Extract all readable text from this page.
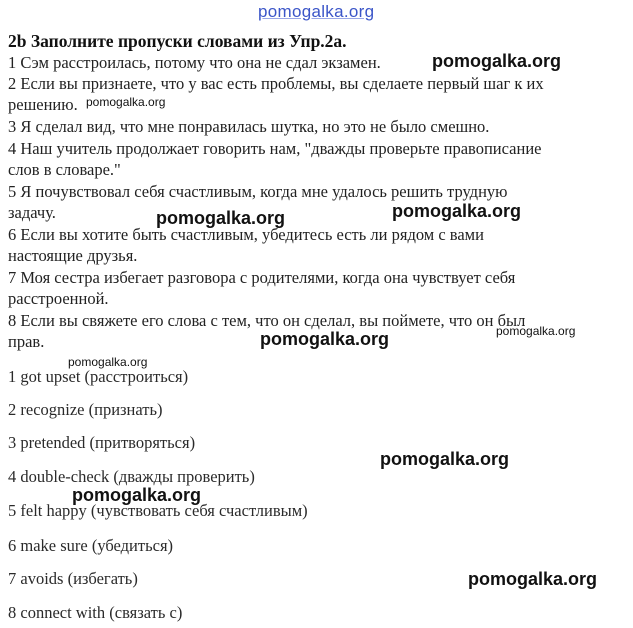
pomogalka.org
2b Заполните пропуски словами из Упр.2а.
1 Сэм расстроилась, потому что она не сдал экзамен.
2 Если вы признаете, что у вас есть проблемы, вы сделаете первый шаг к их
решению.
3 Я сделал вид, что мне понравилась шутка, но это не было смешно.
4 Наш учитель продолжает говорить нам, "дважды проверьте правописание
слов в словаре."
5 Я почувствовал себя счастливым, когда мне удалось решить трудную
задачу.
6 Если вы хотите быть счастливым, убедитесь есть ли рядом с вами
настоящие друзья.
7 Моя сестра избегает разговора с родителями, когда она чувствует себя
расстроенной.
8 Если вы свяжете его слова с тем, что он сделал, вы поймете, что он был
прав.
1 got upset (расстроиться)
2 recognize (признать)
3 pretended (притворяться)
4 double-check (дважды проверить)
5 felt happy (чувствовать себя счастливым)
6 make sure (убедиться)
7 avoids (избегать)
8 connect with (связать с)
pomogalka.org
pomogalka.org
pomogalka.org	pomogalka.org
pomogalka.org
pomogalka.org
pomogalka.org
pomogalka.org
pomogalka.org
pomogalka.org
